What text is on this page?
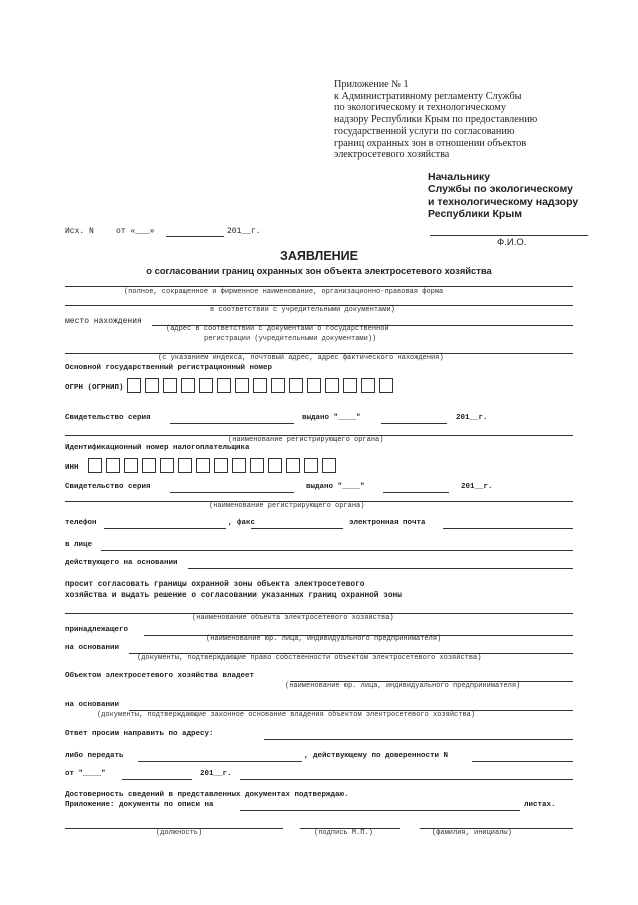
Приложение № 1
к Административному регламенту Службы
по экологическому и технологическому
надзору Республики Крым по предоставлению
государственной услуги по согласованию
границ охранных зон в отношении объектов
электросетевого хозяйства
Начальнику
Службы по экологическому
и технологическому надзору
Республики Крым
Ф.И.О.
Исх. N	от «___»	201__г.
ЗАЯВЛЕНИЕ
о согласовании границ охранных зон объекта электросетевого хозяйства
(полное, сокращенное и фирменное наименование, организационно-правовая форма
в соответствии с учредительными документами)
место нахождения
(адрес в соответствии с документами о государственной
регистрации (учредительными документами))
(с указанием индекса, почтовый адрес, адрес фактического нахождения)
Основной государственный регистрационный номер
ОГРН (ОГРНИП)
Свидетельство серия	выдано "____"	201__г.
(наименование регистрирующего органа)
Идентификационный номер налогоплательщика
ИНН
Свидетельство серия	выдано "____"	201__г.
(наименование регистрирующего органа)
телефон	, факс	электронная почта
в лице
действующего на основании
просит согласовать границы охранной зоны объекта электросетевого
хозяйства и выдать решение о согласовании указанных границ охранной зоны
(наименование объекта электросетевого хозяйства)
принадлежащего
(наименование юр. лица, индивидуального предпринимателя)
на основании
(документы, подтверждающие право собственности объектом электросетевого хозяйства)
Объектом электросетевого хозяйства владеет
(наименование юр. лица, индивидуального предпринимателя)
на основании
(документы, подтверждающие законное основание владения объектом электросетевого хозяйства)
Ответ просим направить по адресу:
либо передать	, действующему по доверенности N
от "____"	201__г.
Достоверность сведений в представленных документах подтверждаю.
Приложение: документы по описи на	листах.
(должность)	(подпись М.П.)	(фамилия, инициалы)
